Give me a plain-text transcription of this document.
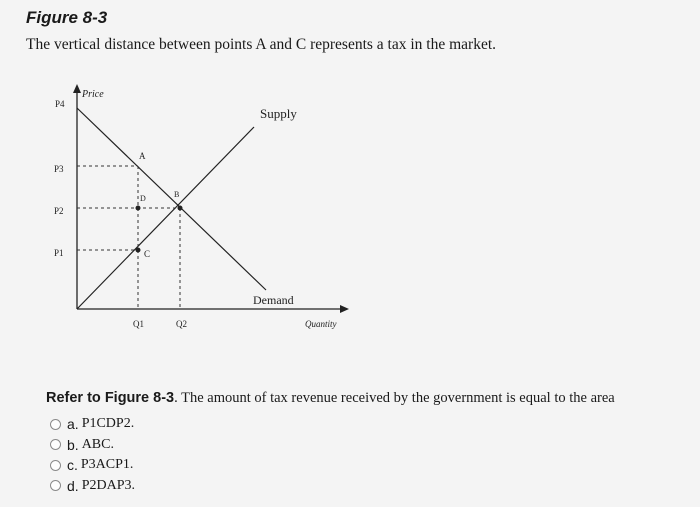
Figure 8-3
The vertical distance between points A and C represents a tax in the market.
Price
Quantity
Supply
Demand
P4
P3
P2
P1
Q1	Q2
A
B
C
D
Refer to Figure 8-3. The amount of tax revenue received by the government is equal to the area
a. P1CDP2.
b. ABC.
c. P3ACP1.
d. P2DAP3.
